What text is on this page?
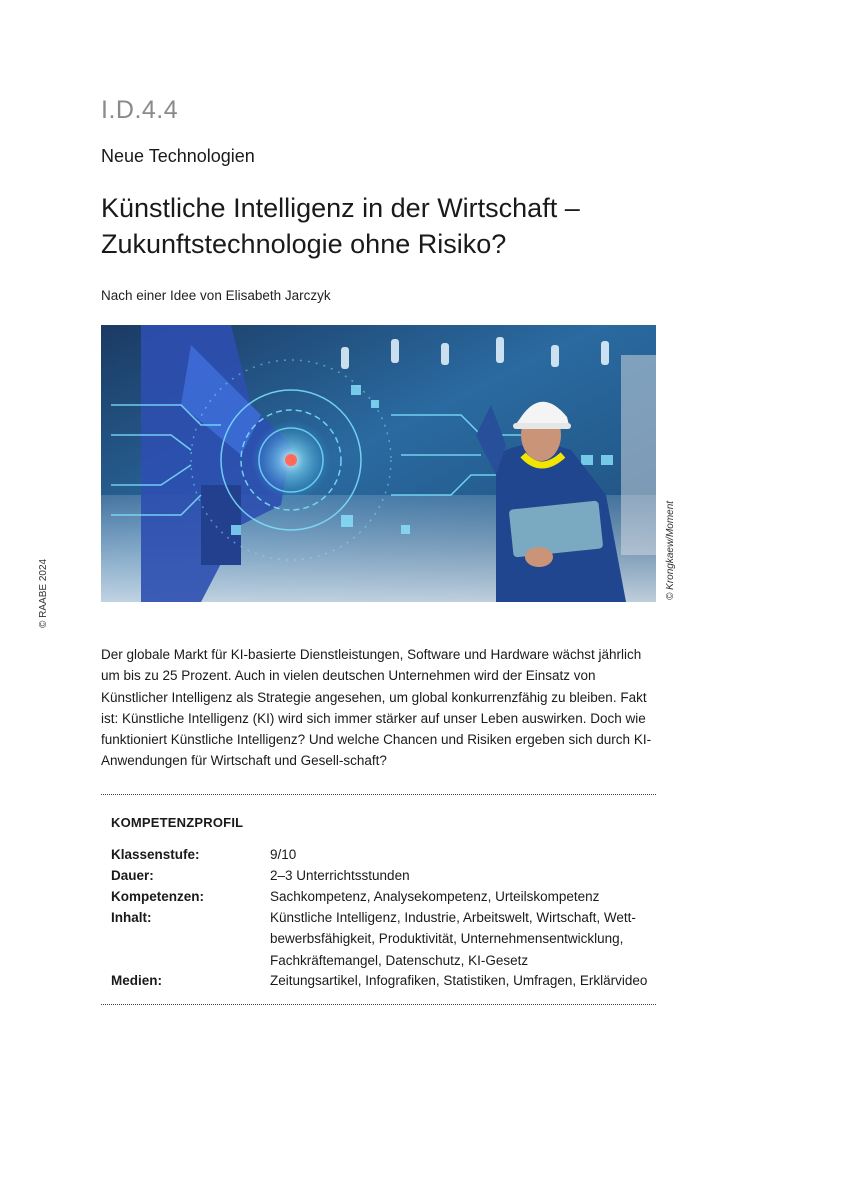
I.D.4.4
Neue Technologien
Künstliche Intelligenz in der Wirtschaft –
Zukunftstechnologie ohne Risiko?
Nach einer Idee von Elisabeth Jarczyk
© Krongkaew/Moment
© RAABE 2024

Der globale Markt für KI-basierte Dienstleistungen, Software und Hardware wächst jährlich um bis zu 25 Prozent. Auch in vielen deutschen Unternehmen wird der Einsatz von Künstlicher Intelligenz als Strategie angesehen, um global konkurrenzfähig zu bleiben. Fakt ist: Künstliche Intelligenz (KI) wird sich immer stärker auf unser Leben auswirken. Doch wie funktioniert Künstliche Intelligenz? Und welche Chancen und Risiken ergeben sich durch KI-Anwendungen für Wirtschaft und Gesell-schaft?

KOMPETENZPROFIL
Klassenstufe:	9/10
Dauer:	2–3 Unterrichtsstunden
Kompetenzen:	Sachkompetenz, Analysekompetenz, Urteilskompetenz
Inhalt:	Künstliche Intelligenz, Industrie, Arbeitswelt, Wirtschaft, Wett-bewerbsfähigkeit, Produktivität, Unternehmensentwicklung, Fachkräftemangel, Datenschutz, KI-Gesetz
Medien:	Zeitungsartikel, Infografiken, Statistiken, Umfragen, Erklärvideo
